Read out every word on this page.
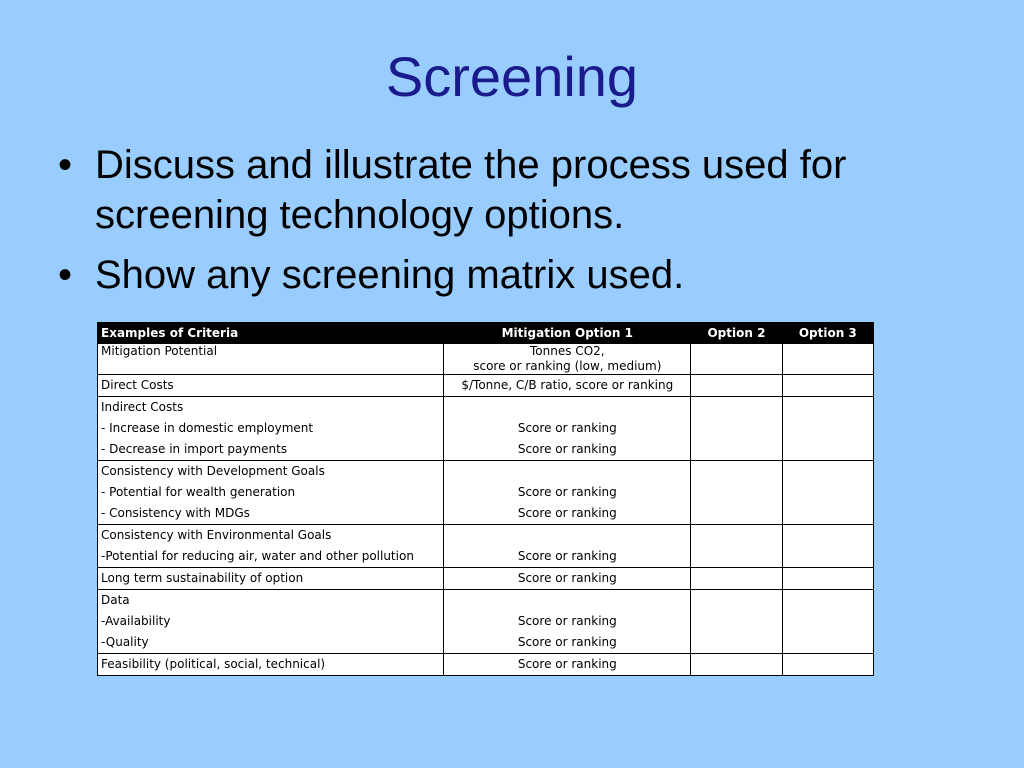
Screening
• Discuss and illustrate the process used for screening technology options.
• Show any screening matrix used.
Examples of Criteria	Mitigation Option 1	Option 2	Option 3
Mitigation Potential	Tonnes CO2,
score or ranking (low, medium)		

Direct Costs	$/Tonne, C/B ratio, score or ranking		
Indirect Costs			
- Increase in domestic employment	Score or ranking		
- Decrease in import payments	Score or ranking		
Consistency with Development Goals			
- Potential for wealth generation	Score or ranking		
- Consistency with MDGs	Score or ranking		
Consistency with Environmental Goals			
-Potential for reducing air, water and other pollution	Score or ranking		
Long term sustainability of option	Score or ranking		
Data			
-Availability	Score or ranking		
-Quality	Score or ranking		
Feasibility (political, social, technical)	Score or ranking		
